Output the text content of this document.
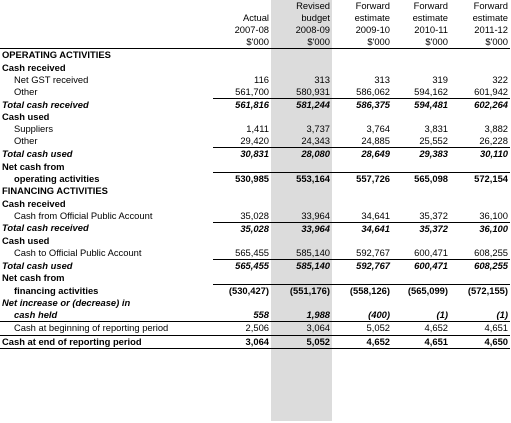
		Revised	Forward	Forward	Forward
	Actual	budget	estimate	estimate	estimate
	2007-08	2008-09	2009-10	2010-11	2011-12
	$'000	$'000	$'000	$'000	$'000
OPERATING ACTIVITIES					
Cash received					
Net GST received	116	313	313	319	322
Other	561,700	580,931	586,062	594,162	601,942
Total cash received	561,816	581,244	586,375	594,481	602,264
Cash used					
Suppliers	1,411	3,737	3,764	3,831	3,882
Other	29,420	24,343	24,885	25,552	26,228
Total cash used	30,831	28,080	28,649	29,383	30,110
Net cash from					
operating activities	530,985	553,164	557,726	565,098	572,154
FINANCING ACTIVITIES					
Cash received					
Cash from Official Public Account	35,028	33,964	34,641	35,372	36,100
Total cash received	35,028	33,964	34,641	35,372	36,100
Cash used					
Cash to Official Public Account	565,455	585,140	592,767	600,471	608,255
Total cash used	565,455	585,140	592,767	600,471	608,255
Net cash from					
financing activities	(530,427)	(551,176)	(558,126)	(565,099)	(572,155)
Net increase or (decrease) in					
cash held	558	1,988	(400)	(1)	(1)
Cash at beginning of reporting period	2,506	3,064	5,052	4,652	4,651
Cash at end of reporting period	3,064	5,052	4,652	4,651	4,650
